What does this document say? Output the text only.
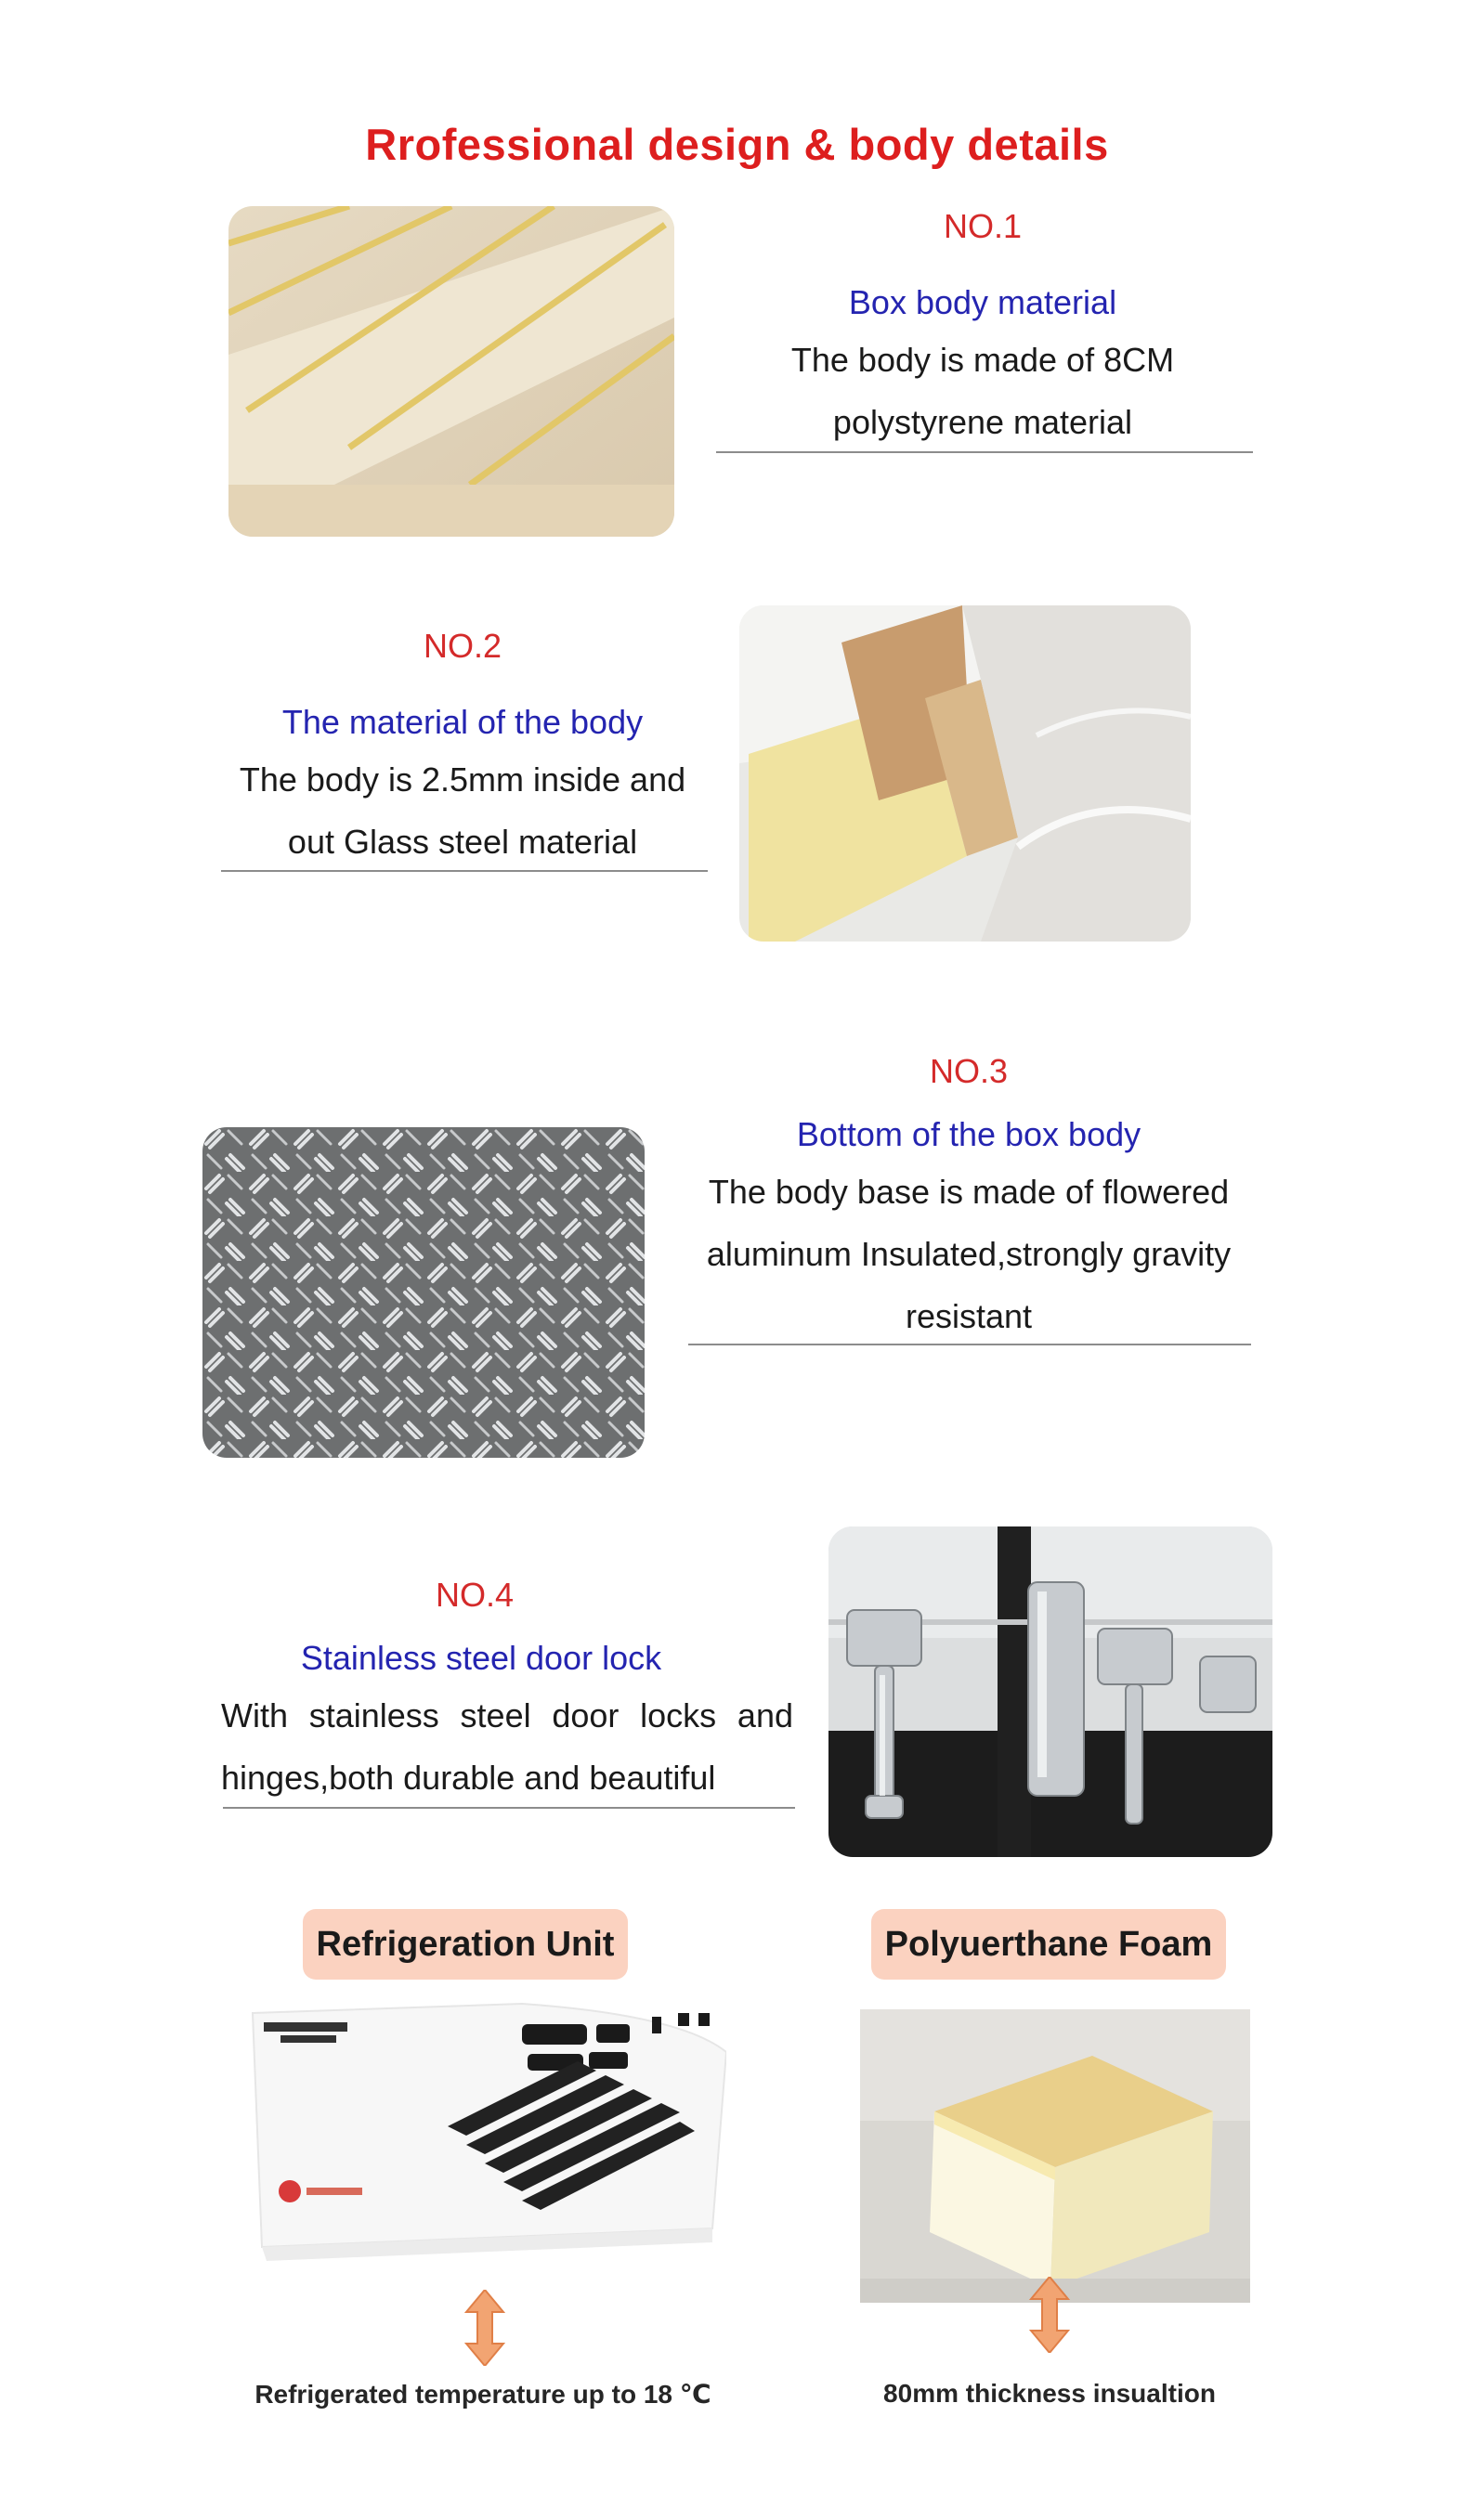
Rrofessional design & body details
NO.1
Box body material
The body is made of 8CM
polystyrene material
NO.2
The material of the body
The body is 2.5mm inside and
out Glass steel material
NO.3
Bottom of the box body
The body base is made of flowered
aluminum Insulated,strongly gravity
resistant
NO.4
Stainless steel door lock
With stainless steel door locks and
hinges,both durable and beautiful
Refrigeration Unit	Polyuerthane Foam
Refrigerated temperature up to 18 ℃	80mm thickness insualtion
